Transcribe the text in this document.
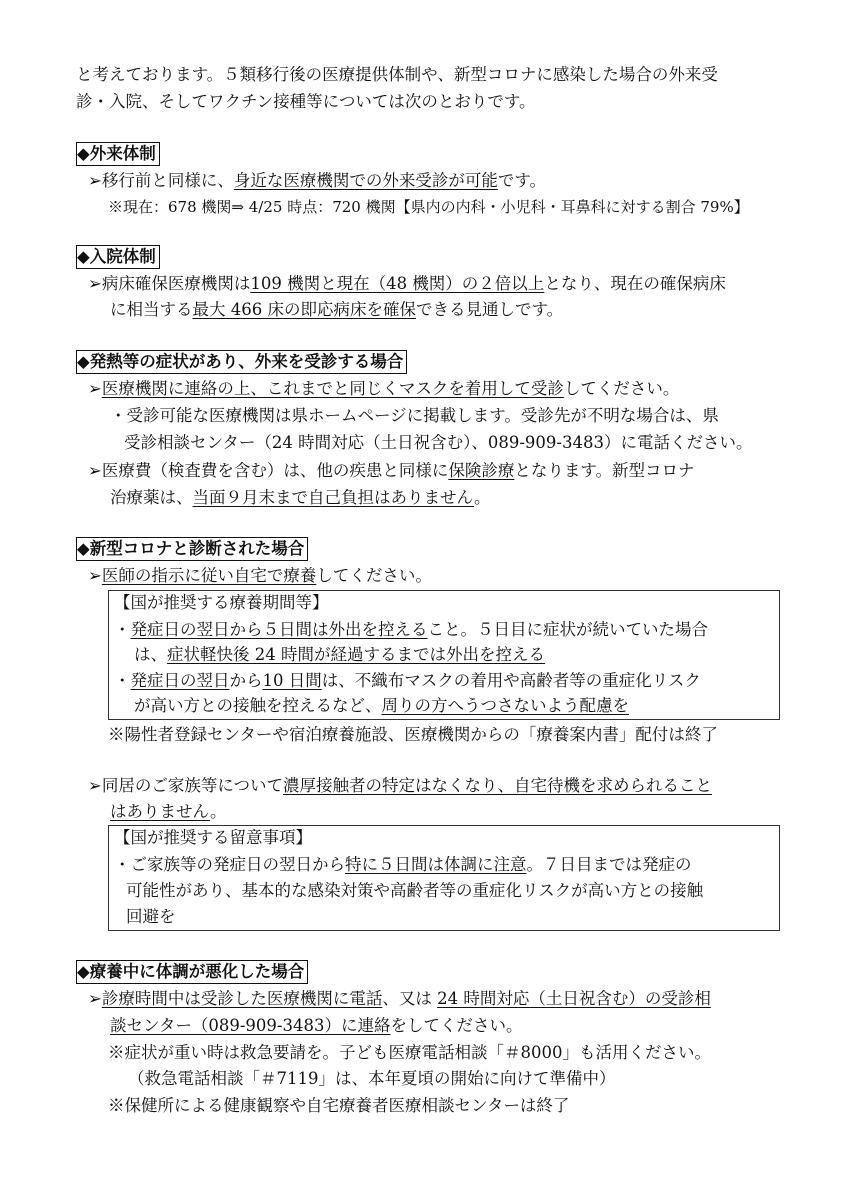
と考えております。５類移行後の医療提供体制や、新型コロナに感染した場合の外来受
診・入院、そしてワクチン接種等については次のとおりです。
◆外来体制
➢移行前と同様に、身近な医療機関での外来受診が可能です。
※現在：678 機関⇒ 4/25 時点：720 機関【県内の内科・小児科・耳鼻科に対する割合 79%】
◆入院体制
➢病床確保医療機関は109 機関と現在（48 機関）の２倍以上となり、現在の確保病床
に相当する最大 466 床の即応病床を確保できる見通しです。
◆発熱等の症状があり、外来を受診する場合
➢医療機関に連絡の上、これまでと同じくマスクを着用して受診してください。
・受診可能な医療機関は県ホームページに掲載します。受診先が不明な場合は、県
受診相談センター（24 時間対応（土日祝含む）、089-909-3483）に電話ください。
➢医療費（検査費を含む）は、他の疾患と同様に保険診療となります。新型コロナ
治療薬は、当面９月末まで自己負担はありません。
◆新型コロナと診断された場合
➢医師の指示に従い自宅で療養してください。
【国が推奨する療養期間等】
・発症日の翌日から５日間は外出を控えること。５日目に症状が続いていた場合
は、症状軽快後 24 時間が経過するまでは外出を控える
・発症日の翌日から10 日間は、不織布マスクの着用や高齢者等の重症化リスク
が高い方との接触を控えるなど、周りの方へうつさないよう配慮を
※陽性者登録センターや宿泊療養施設、医療機関からの「療養案内書」配付は終了
➢同居のご家族等について濃厚接触者の特定はなくなり、自宅待機を求められること
はありません。
【国が推奨する留意事項】
・ご家族等の発症日の翌日から特に５日間は体調に注意。７日目までは発症の
可能性があり、基本的な感染対策や高齢者等の重症化リスクが高い方との接触
回避を
◆療養中に体調が悪化した場合
➢診療時間中は受診した医療機関に電話、又は 24 時間対応（土日祝含む）の受診相
談センター（089-909-3483）に連絡をしてください。
※症状が重い時は救急要請を。子ども医療電話相談「＃8000」も活用ください。
（救急電話相談「＃7119」は、本年夏頃の開始に向けて準備中）
※保健所による健康観察や自宅療養者医療相談センターは終了
